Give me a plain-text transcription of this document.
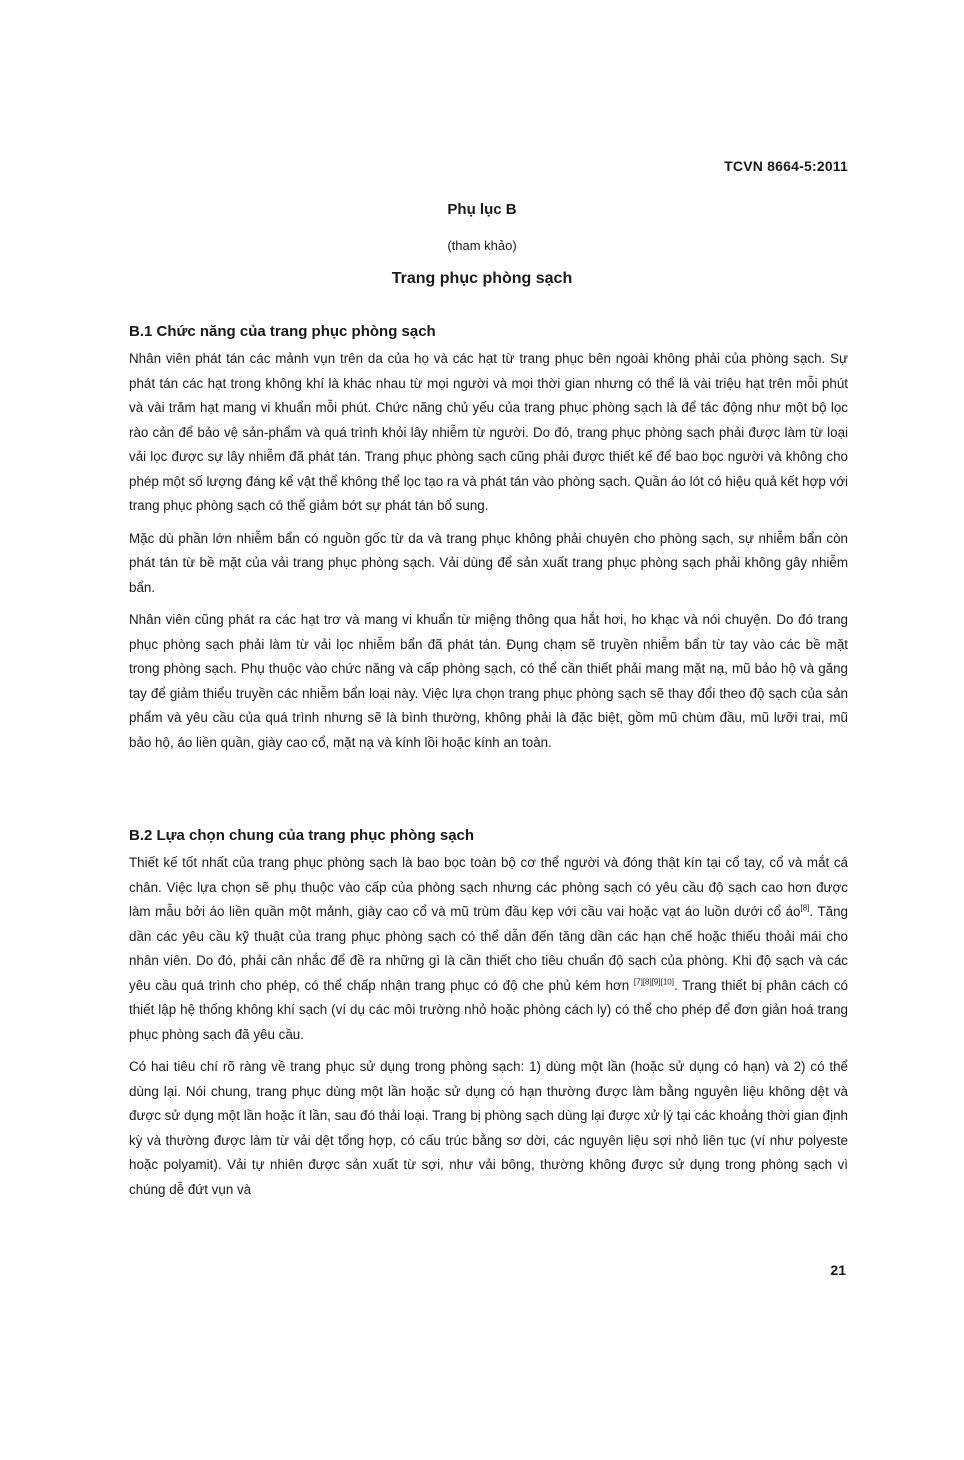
TCVN 8664-5:2011
Phụ lục B
(tham khảo)
Trang phục phòng sạch
B.1 Chức năng của trang phục phòng sạch

Nhân viên phát tán các mảnh vụn trên da của họ và các hạt từ trang phục bên ngoài không phải của phòng sạch. Sự phát tán các hạt trong không khí là khác nhau từ mọi người và mọi thời gian nhưng có thể là vài triệu hạt trên mỗi phút và vài trăm hạt mang vi khuẩn mỗi phút. Chức năng chủ yếu của trang phục phòng sạch là để tác động như một bộ lọc rào cản để bảo vệ sản-phẩm và quá trình khỏi lây nhiễm từ người. Do đó, trang phục phòng sạch phải được làm từ loại vải lọc được sự lây nhiễm đã phát tán. Trang phục phòng sạch cũng phải được thiết kế để bao bọc người và không cho phép một số lượng đáng kể vật thể không thể lọc tạo ra và phát tán vào phòng sạch. Quần áo lót có hiệu quả kết hợp với trang phục phòng sạch có thể giảm bớt sự phát tán bổ sung.

Mặc dù phần lớn nhiễm bẩn có nguồn gốc từ da và trang phục không phải chuyên cho phòng sạch, sự nhiễm bẩn còn phát tán từ bề mặt của vải trang phục phòng sạch. Vải dùng để sản xuất trang phục phòng sạch phải không gây nhiễm bẩn.

Nhân viên cũng phát ra các hạt trơ và mang vi khuẩn từ miệng thông qua hắt hơi, ho khạc và nói chuyện. Do đó trang phục phòng sạch phải làm từ vải lọc nhiễm bẩn đã phát tán. Đụng chạm sẽ truyền nhiễm bẩn từ tay vào các bề mặt trong phòng sạch. Phụ thuộc vào chức năng và cấp phòng sạch, có thể cần thiết phải mang mặt nạ, mũ bảo hộ và găng tay để giảm thiểu truyền các nhiễm bẩn loại này. Việc lựa chọn trang phục phòng sạch sẽ thay đổi theo độ sạch của sản phẩm và yêu cầu của quá trình nhưng sẽ là bình thường, không phải là đặc biệt, gồm mũ chùm đầu, mũ lưỡi trai, mũ bảo hộ, áo liền quần, giày cao cổ, mặt nạ và kính lồi hoặc kính an toàn.

B.2 Lựa chọn chung của trang phục phòng sạch

Thiết kế tốt nhất của trang phục phòng sạch là bao bọc toàn bộ cơ thể người và đóng thật kín tại cổ tay, cổ và mắt cá chân. Việc lựa chọn sẽ phụ thuộc vào cấp của phòng sạch nhưng các phòng sạch có yêu cầu độ sạch cao hơn được làm mẫu bởi áo liền quần một mảnh, giày cao cổ và mũ trùm đầu kẹp với cầu vai hoặc vạt áo luồn dưới cổ áo[8]. Tăng dần các yêu cầu kỹ thuật của trang phục phòng sạch có thể dẫn đến tăng dần các hạn chế hoặc thiếu thoải mái cho nhân viên. Do đó, phải cân nhắc để đề ra những gì là cần thiết cho tiêu chuẩn độ sạch của phòng. Khi độ sạch và các yêu cầu quá trình cho phép, có thể chấp nhận trang phục có độ che phủ kém hơn [7][8][9][10]. Trang thiết bị phân cách có thiết lập hệ thống không khí sạch (ví dụ các môi trường nhỏ hoặc phòng cách ly) có thể cho phép để đơn giản hoá trang phục phòng sạch đã yêu cầu.

Có hai tiêu chí rõ ràng về trang phục sử dụng trong phòng sạch: 1) dùng một lần (hoặc sử dụng có hạn) và 2) có thể dùng lại. Nói chung, trang phục dùng một lần hoặc sử dụng có hạn thường được làm bằng nguyên liệu không dệt và được sử dụng một lần hoặc ít lần, sau đó thải loại. Trang bị phòng sạch dùng lại được xử lý tại các khoảng thời gian định kỳ và thường được làm từ vải dệt tổng hợp, có cấu trúc bằng sơ dời, các nguyên liệu sợi nhỏ liên tục (ví như polyeste hoặc polyamit). Vải tự nhiên được sản xuất từ sợi, như vải bông, thường không được sử dụng trong phòng sạch vì chúng dễ đứt vụn và

21
